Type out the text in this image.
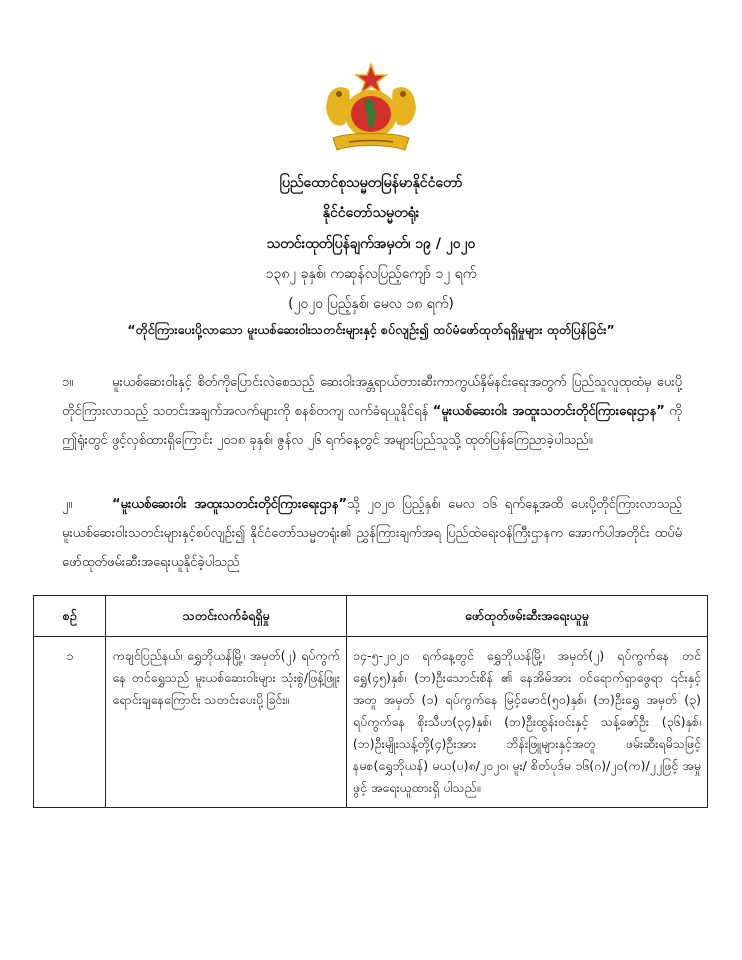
ပြည်ထောင်စုသမ္မတမြန်မာနိုင်ငံတော်
နိုင်ငံတော်သမ္မတရုံး
သတင်းထုတ်ပြန်ချက်အမှတ်၊ ၁၉ / ၂၀၂၀
၁၃၈၂ ခုနှစ်၊ ကဆုန်လပြည့်ကျော် ၁၂ ရက်
(၂၀၂၀ ပြည့်နှစ်၊ မေလ ၁၈ ရက်)
“တိုင်ကြားပေးပို့လာသော မူးယစ်ဆေးဝါးသတင်းများနှင့် စပ်လျဉ်း၍ ထပ်မံဖော်ထုတ်ရရှိမှုများ ထုတ်ပြန်ခြင်း”

၁။	မူးယစ်ဆေးဝါးနှင့် စိတ်ကိုပြောင်းလဲစေသည့် ဆေးဝါးအန္တရာယ်တားဆီးကာကွယ်နှိမ်နင်းရေးအတွက် ပြည်သူလူထုထံမှ ပေးပို့တိုင်ကြားလာသည့် သတင်းအချက်အလက်များကို စနစ်တကျ လက်ခံရယူနိုင်ရန် “မူးယစ်ဆေးဝါး အထူးသတင်းတိုင်ကြားရေးဌာန” ကို ဤရုံးတွင် ဖွင့်လှစ်ထားရှိကြောင်း ၂၀၁၈ ခုနှစ်၊ ဇွန်လ ၂၆ ရက်နေ့တွင် အများပြည်သူသို့ ထုတ်ပြန်ကြေညာခဲ့ပါသည်။

၂။	“မူးယစ်ဆေးဝါး အထူးသတင်းတိုင်ကြားရေးဌာန”သို့ ၂၀၂၀ ပြည့်နှစ်၊ မေလ ၁၆ ရက်နေ့အထိ ပေးပို့တိုင်ကြားလာသည့် မူးယစ်ဆေးဝါးသတင်းများနှင့်စပ်လျဉ်း၍ နိုင်ငံတော်သမ္မတရုံး၏ ညွှန်ကြားချက်အရ ပြည်ထဲရေးဝန်ကြီးဌာနက အောက်ပါအတိုင်း ထပ်မံဖော်ထုတ်ဖမ်းဆီးအရေးယူနိုင်ခဲ့ပါသည်

စဉ်	သတင်းလက်ခံရရှိမှု	ဖော်ထုတ်ဖမ်းဆီးအရေးယူမှု
၁	ကချင်ပြည်နယ်၊ ရွှေဘိုယန်မြို့၊ အမှတ်(၂) ရပ်ကွက်နေ တင်ရွှေသည် မူးယစ်ဆေးဝါးများ သုံးစွဲ/ဖြန့်ဖြူးရောင်းချနေကြောင်း သတင်းပေးပို့ခြင်း။	၁၄-၅-၂၀၂၀ ရက်နေ့တွင် ရွှေဘိုယန်မြို့၊ အမှတ်(၂) ရပ်ကွက်နေ တင်ရွှေ(၄၅)နှစ်၊ (ဘ)ဦးသောင်းစိန် ၏ နေအိမ်အား ဝင်ရောက်ရှာဖွေရာ ၎င်းနှင့်အတူ အမှတ် (၁) ရပ်ကွက်နေ မြင့်မောင်(၅၀)နှစ်၊ (ဘ)ဦးရွှေ အမှတ် (၃) ရပ်ကွက်နေ စိုးသီဟ(၃၄)နှစ်၊ (ဘ)ဦးထွန်းဝင်းနှင့် သန့်ဇော်ဦး (၃၆)နှစ်၊ (ဘ)ဦးမျိုးသန့်တို့(၄)ဦးအား ဘိန်းဖြူများနှင့်အတူ ဖမ်းဆီးရမိသဖြင့် နမစ(ရွှေဘိုယန်) မယ(ပ)၈/၂၀၂၀၊ မူး/ စိတ်ပုဒ်မ ၁၆(ဂ)/၂၀(က)/၂၂ဖြင့် အမှုဖွင့် အရေးယူထားရှိ ပါသည်။
